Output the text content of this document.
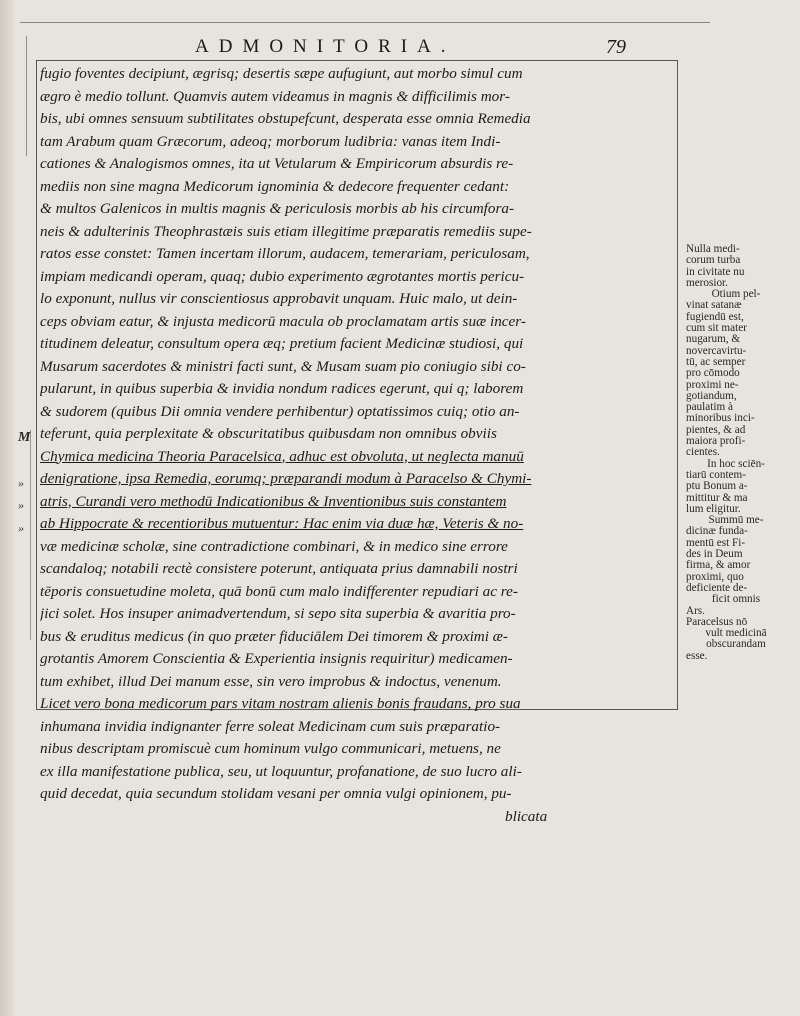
ADMONITORIA.	79
fugio foventes decipiunt, ægrisq; desertis sæpe aufugiunt, aut morbo simul cum
ægro è medio tollunt. Quamvis autem videamus in magnis & difficilimis mor-
bis, ubi omnes sensuum subtilitates obstupefcunt, desperata esse omnia Remedia
tam Arabum quam Græcorum, adeoq; morborum ludibria: vanas item Indi-
cationes & Analogismos omnes, ita ut Vetularum & Empiricorum absurdis re-
mediis non sine magna Medicorum ignominia & dedecore frequenter cedant:
& multos Galenicos in multis magnis & periculosis morbis ab his circumfora-
neis & adulterinis Theophrastæis suis etiam illegitime præparatis remediis supe-
ratos esse constet: Tamen incertam illorum, audacem, temerariam, periculosam,
impiam medicandi operam, quaq; dubio experimento ægrotantes mortis pericu-
lo exponunt, nullus vir conscientiosus approbavit unquam. Huic malo, ut dein-
ceps obviam eatur, & injusta medicorū macula ob proclamatam artis suæ incer-
titudinem deleatur, consultum opera æq; pretium facient Medicinæ studiosi, qui
Musarum sacerdotes & ministri facti sunt, & Musam suam pio coniugio sibi co-
pularunt, in quibus superbia & invidia nondum radices egerunt, qui q; laborem
& sudorem (quibus Dii omnia vendere perhibentur) optatissimos cuiq; otio an-
teferunt, quia perplexitate & obscuritatibus quibusdam non omnibus obviis
Chymica medicina Theoria Paracelsica, adhuc est obvoluta, ut neglecta manuū
denigratione, ipsa Remedia, eorumq; præparandi modum à Paracelso & Chymi-
atris, Curandi vero methodū Indicationibus & Inventionibus suis constantem
ab Hippocrate & recentioribus mutuentur: Hac enim via duæ hæ, Veteris & no-
væ medicinæ scholæ, sine contradictione combinari, & in medico sine errore
scandaloq; notabili rectè consistere poterunt, antiquata prius damnabili nostri
tēporis consuetudine moleta, quā bonū cum malo indifferenter repudiari ac re-
jici solet. Hos insuper animadvertendum, si sepo sita superbia & avaritia pro-
bus & eruditus medicus (in quo præter fiduciālem Dei timorem & proximi æ-
grotantis Amorem Conscientia & Experientia insignis requiritur) medicamen-
tum exhibet, illud Dei manum esse, sin vero improbus & indoctus, venenum.
Licet vero bona medicorum pars vitam nostram alienis bonis fraudans, pro sua
inhumana invidia indignanter ferre soleat Medicinam cum suis præparatio-
nibus descriptam promiscuè cum hominum vulgo communicari, metuens, ne
ex illa manifestatione publica, seu, ut loquuntur, profanatione, de suo lucro ali-
quid decedat, quia secundum stolidam vesani per omnia vulgi opinionem, pu-
blicata
Nulla medi-
corum turba
in civitate nu
merosior.
Otium pel-
vinat satanæ
fugiendū est,
cum sit mater
nugarum, &
novercavirtu-
tū, ac semper
pro cōmodo
proximi ne-
gotiandum,
paulatim à
minoribus inci-
pientes, & ad
maiora profi-
cientes.
In hoc sciēn-
tiarū contem-
ptu Bonum a-
mittitur & ma
lum eligitur.
Summū me-
dicinæ funda-
mentū est Fi-
des in Deum
firma, & amor
proximi, quo
deficiente de-
ficit omnis
Ars.
Paracelsus nō
vult medicinā
obscurandam
esse.
M
»
»
»
